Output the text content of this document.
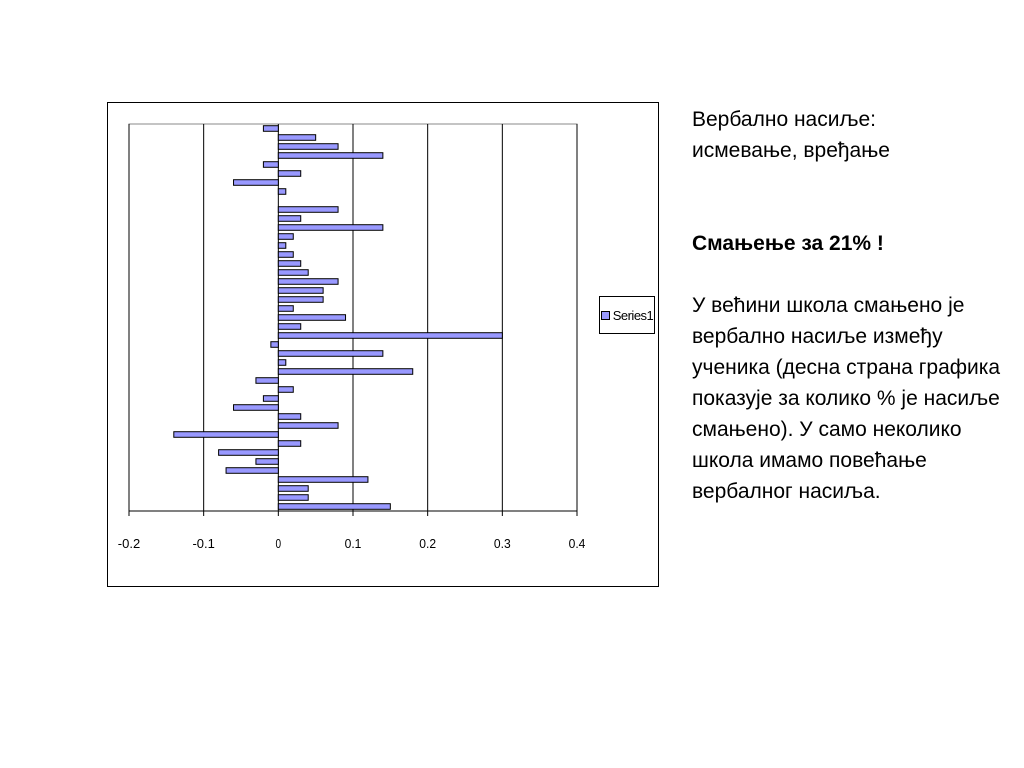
-0.2	-0.1	0	0.1	0.2	0.3	0.4
Series1

Вербално насиље:
исмевање, вређање

Смањење за 21% !

У већини школа смањено је вербално насиље између ученика (десна страна графика показује за колико % је насиље смањено). У само неколико школа имамо повећање вербалног насиља.
